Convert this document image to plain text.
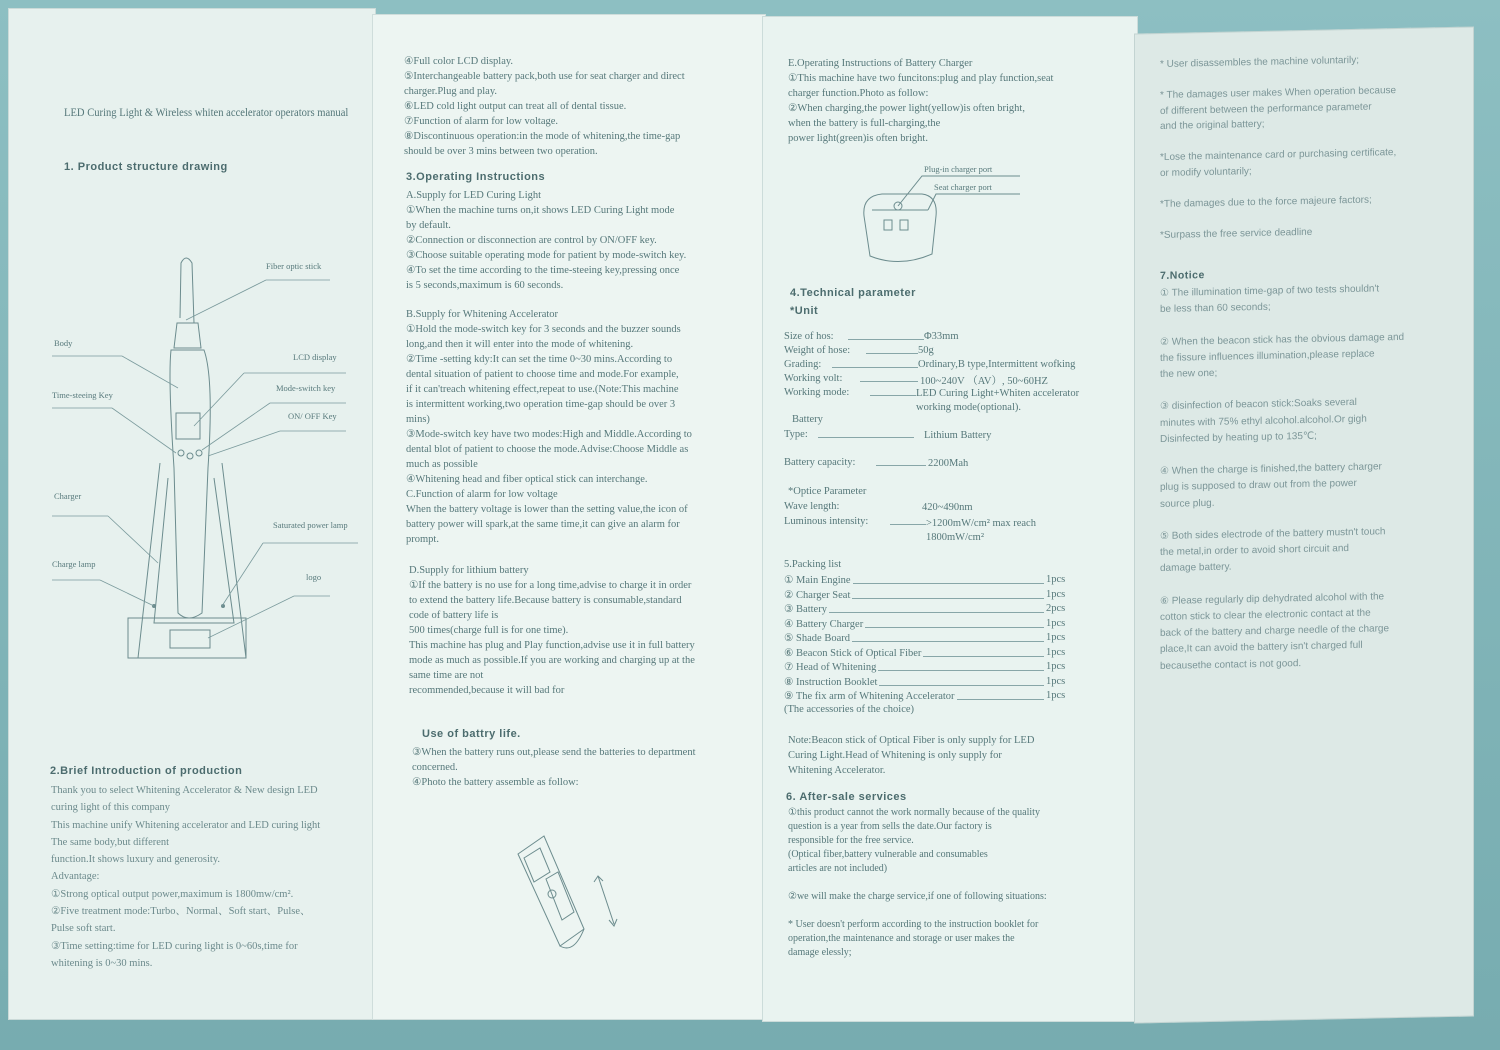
LED Curing Light & Wireless whiten accelerator operators manual
1. Product structure drawing
Fiber optic stick
Body
LCD display
Time-steeing Key
Mode-switch key
ON/ OFF Key
Charger
Saturated power lamp
Charge lamp
logo
2.Brief Introduction of production
Thank you to select Whitening Accelerator & New design LED
curing light of this company
This machine unify Whitening accelerator and LED curing light
The same body,but different
function.It shows luxury and generosity.
Advantage:
①Strong optical output power,maximum is 1800mw/cm².
②Five treatment mode:Turbo、Normal、Soft start、Pulse、
Pulse soft start.
③Time setting:time for LED curing light is 0~60s,time for
whitening is 0~30 mins.
④Full color LCD display.
⑤Interchangeable battery pack,both use for seat charger and direct
charger.Plug and play.
⑥LED cold light output can treat all of dental tissue.
⑦Function of alarm for low voltage.
⑧Discontinuous operation:in the mode of whitening,the time-gap
should be over 3 mins between two operation.
3.Operating Instructions
A.Supply for LED Curing Light
①When the machine turns on,it shows LED Curing Light mode
by default.
②Connection or disconnection are control by ON/OFF key.
③Choose suitable operating mode for patient by mode-switch key.
④To set the time according to the time-steeing key,pressing once
is 5 seconds,maximum is 60 seconds.
B.Supply for Whitening Accelerator
①Hold the mode-switch key for 3 seconds and the buzzer sounds
long,and then it will enter into the mode of whitening.
②Time -setting kdy:It can set the time 0~30 mins.According to
dental situation of patient to choose time and mode.For example,
if it can'treach whitening effect,repeat to use.(Note:This machine
is intermittent working,two operation time-gap should be over 3
mins)
③Mode-switch key have two modes:High and Middle.According to
dental blot of patient to choose the mode.Advise:Choose Middle as
much as possible
④Whitening head and fiber optical stick can interchange.
C.Function of alarm for low voltage
When the battery voltage is lower than the setting value,the icon of
battery power will spark,at the same time,it can give an alarm for
prompt.
D.Supply for lithium battery
①If the battery is no use for a long time,advise to charge it in order
to extend the battery life.Because battery is consumable,standard
code of battery life is
500 times(charge full is for one time).
This machine has plug and Play function,advise use it in full battery
mode as much as possible.If you are working and charging up at the
same time are not
recommended,because it will bad for
Use of battry life.
③When the battery runs out,please send the batteries to department
concerned.
④Photo the battery assemble as follow:
E.Operating Instructions of Battery Charger
①This machine have two funcitons:plug and play function,seat
charger function.Photo as follow:
②When charging,the power light(yellow)is often bright,
when the battery is full-charging,the
power light(green)is often bright.
Plug-in charger port
Seat charger port
4.Technical parameter
*Unit
Size of hos:	Φ33mm
Weight of hose:	50g
Grading:	Ordinary,B type,Intermittent wofking
Working volt:	100~240V （AV）, 50~60HZ
Working mode:	LED Curing Light+Whiten accelerator
working mode(optional).
Battery
Type:	Lithium Battery
Battery capacity:	2200Mah
*Optice Parameter
Wave length:	420~490nm
Luminous intensity:	>1200mW/cm² max reach
1800mW/cm²
5.Packing list
① Main Engine	1pcs
② Charger Seat	1pcs
③ Battery	2pcs
④ Battery Charger	1pcs
⑤ Shade Board	1pcs
⑥ Beacon Stick of Optical Fiber	1pcs
⑦ Head of Whitening	1pcs
⑧ Instruction Booklet	1pcs
⑨ The fix arm of Whitening Accelerator	1pcs
(The accessories of the choice)
Note:Beacon stick of Optical Fiber is only supply for LED
Curing Light.Head of Whitening is only supply for
Whitening Accelerator.
6. After-sale services
①this product cannot the work normally because of the quality
question is a year from sells the date.Our factory is
responsible for the free service.
(Optical fiber,battery vulnerable and consumables
articles are not included)

②we will make the charge service,if one of following situations:

* User doesn't perform according to the instruction booklet for
operation,the maintenance and storage or user makes the
damage elessly;
* User disassembles the machine voluntarily;

* The damages user makes When operation because
of different between the performance parameter
and the original battery;

*Lose the maintenance card or purchasing certificate,
or modify voluntarily;

*The damages due to the force majeure factors;

*Surpass the free service deadline
7.Notice
① The illumination time-gap of two tests shouldn't
be less than 60 seconds;

② When the beacon stick has the obvious damage and
the fissure influences illumination,please replace
the new one;

③ disinfection of beacon stick:Soaks several
minutes with 75% ethyl alcohol.alcohol.Or gigh
Disinfected by heating up to 135℃;

④ When the charge is finished,the battery charger
plug is supposed to draw out from the power
source plug.

⑤ Both sides electrode of the battery mustn't touch
the metal,in order to avoid short circuit and
damage battery.

⑥ Please regularly dip dehydrated alcohol with the
cotton stick to clear the electronic contact at the
back of the battery and charge needle of the charge
place,It can avoid the battery isn't charged full
becausethe contact is not good.
